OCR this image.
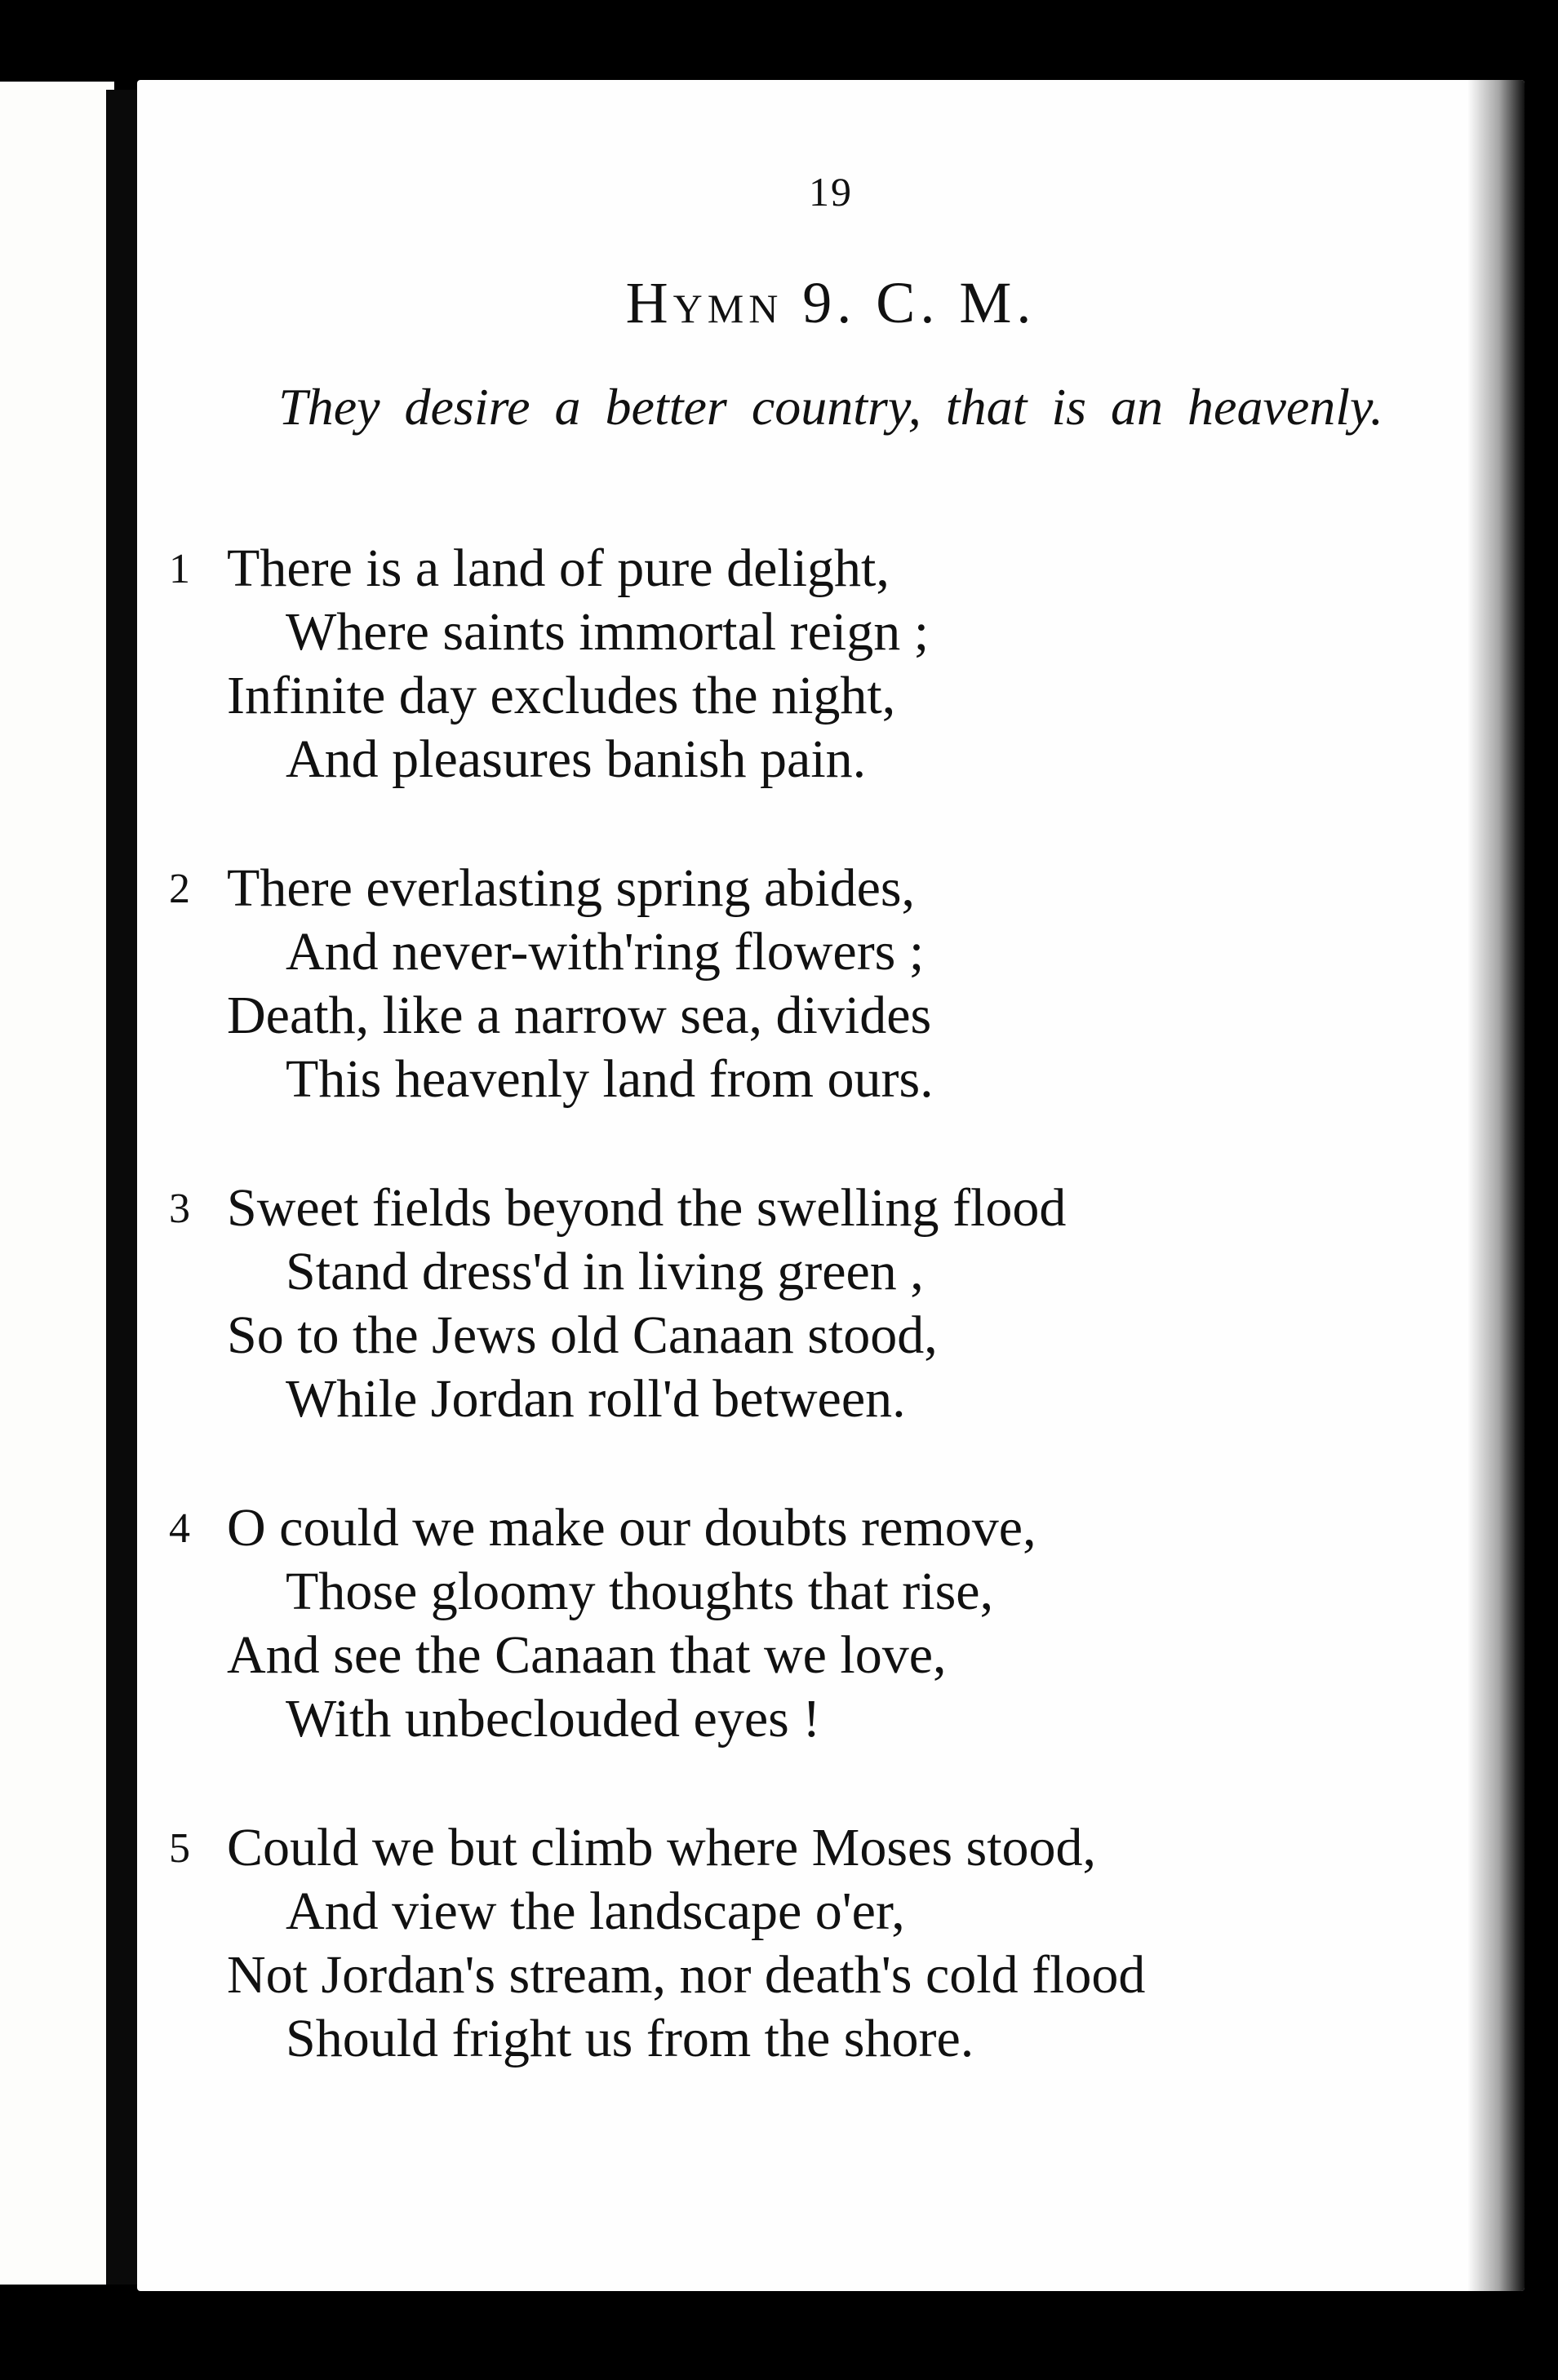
19
Hymn 9. C. M.
They desire a better country, that is an heavenly.
1 There is a land of pure delight,
Where saints immortal reign ;
Infinite day excludes the night,
And pleasures banish pain.
2 There everlasting spring abides,
And never-with'ring flowers ;
Death, like a narrow sea, divides
This heavenly land from ours.
3 Sweet fields beyond the swelling flood
Stand dress'd in living green ,
So to the Jews old Canaan stood,
While Jordan roll'd between.
4 O could we make our doubts remove,
Those gloomy thoughts that rise,
And see the Canaan that we love,
With unbeclouded eyes !
5 Could we but climb where Moses stood,
And view the landscape o'er,
Not Jordan's stream, nor death's cold flood
Should fright us from the shore.
